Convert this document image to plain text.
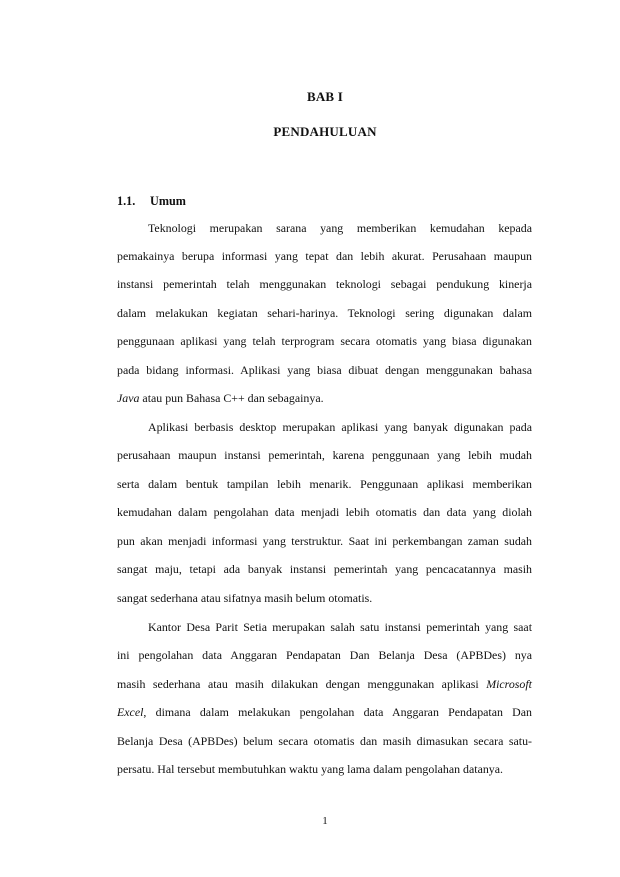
BAB I
PENDAHULUAN
1.1. Umum
Teknologi merupakan sarana yang memberikan kemudahan kepada
pemakainya berupa informasi yang tepat dan lebih akurat. Perusahaan maupun
instansi pemerintah telah menggunakan teknologi sebagai pendukung kinerja
dalam melakukan kegiatan sehari-harinya. Teknologi sering digunakan dalam
penggunaan aplikasi yang telah terprogram secara otomatis yang biasa digunakan
pada bidang informasi. Aplikasi yang biasa dibuat dengan menggunakan bahasa
Java atau pun Bahasa C++ dan sebagainya.
Aplikasi berbasis desktop merupakan aplikasi yang banyak digunakan pada
perusahaan maupun instansi pemerintah, karena penggunaan yang lebih mudah
serta dalam bentuk tampilan lebih menarik. Penggunaan aplikasi memberikan
kemudahan dalam pengolahan data menjadi lebih otomatis dan data yang diolah
pun akan menjadi informasi yang terstruktur. Saat ini perkembangan zaman sudah
sangat maju, tetapi ada banyak instansi pemerintah yang pencacatannya masih
sangat sederhana atau sifatnya masih belum otomatis.
Kantor Desa Parit Setia merupakan salah satu instansi pemerintah yang saat
ini pengolahan data Anggaran Pendapatan Dan Belanja Desa (APBDes) nya
masih sederhana atau masih dilakukan dengan menggunakan aplikasi Microsoft
Excel, dimana dalam melakukan pengolahan data Anggaran Pendapatan Dan
Belanja Desa (APBDes) belum secara otomatis dan masih dimasukan secara satu-
persatu. Hal tersebut membutuhkan waktu yang lama dalam pengolahan datanya.
1
